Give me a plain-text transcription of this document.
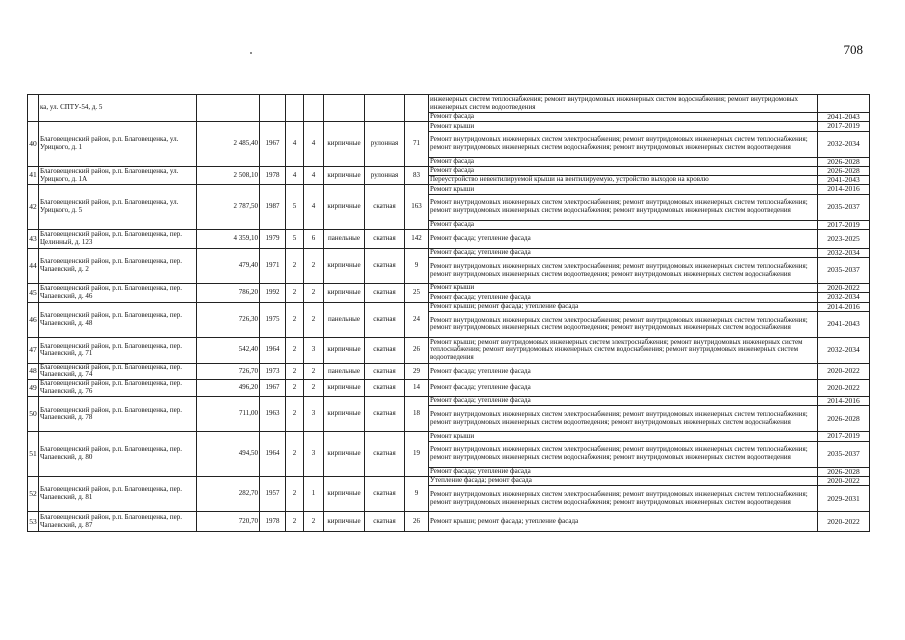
708
	ка, ул. СПТУ-54, д. 5								инженерных систем теплоснабжения; ремонт внутридомовых инженерных систем водоснабжения; ремонт внутридомовых инженерных систем водоотведения	
									Ремонт фасада	2041-2043
40	Благовещенский район, р.п. Благовещенка, ул. Урицкого, д. 1	2 485,40	1967	4	4	кирпичные	рулонная	71	Ремонт крыши	2017-2019
									Ремонт внутридомовых инженерных систем электроснабжения; ремонт внутридомовых инженерных систем теплоснабжения; ремонт внутридомовых инженерных систем водоснабжения; ремонт внутридомовых инженерных систем водоотведения	2032-2034
									Ремонт фасада	2026-2028
41	Благовещенский район, р.п. Благовещенка, ул. Урицкого, д. 1А	2 508,10	1978	4	4	кирпичные	рулонная	83	Ремонт фасада	2026-2028
									Переустройство невентилируемой крыши на вентилируемую, устройство выходов на кровлю	2041-2043
42	Благовещенский район, р.п. Благовещенка, ул. Урицкого, д. 5	2 787,50	1987	5	4	кирпичные	скатная	163	Ремонт крыши	2014-2016
									Ремонт внутридомовых инженерных систем электроснабжения; ремонт внутридомовых инженерных систем теплоснабжения; ремонт внутридомовых инженерных систем водоснабжения; ремонт внутридомовых инженерных систем водоотведения	2035-2037
									Ремонт фасада	2017-2019
43	Благовещенский район, р.п. Благовещенка, пер. Целинный, д. 123	4 359,10	1979	5	6	панельные	скатная	142	Ремонт фасада; утепление фасада	2023-2025
44	Благовещенский район, р.п. Благовещенка, пер. Чапаевский, д. 2	479,40	1971	2	2	кирпичные	скатная	9	Ремонт фасада; утепление фасада	2032-2034
									Ремонт внутридомовых инженерных систем электроснабжения; ремонт внутридомовых инженерных систем теплоснабжения; ремонт внутридомовых инженерных систем водоотведения; ремонт внутридомовых инженерных систем водоснабжения	2035-2037
45	Благовещенский район, р.п. Благовещенка, пер. Чапаевский, д. 46	786,20	1992	2	2	кирпичные	скатная	25	Ремонт крыши	2020-2022
									Ремонт фасада; утепление фасада	2032-2034
46	Благовещенский район, р.п. Благовещенка, пер. Чапаевский, д. 48	726,30	1975	2	2	панельные	скатная	24	Ремонт крыши; ремонт фасада; утепление фасада	2014-2016
									Ремонт внутридомовых инженерных систем электроснабжения; ремонт внутридомовых инженерных систем теплоснабжения; ремонт внутридомовых инженерных систем водоотведения; ремонт внутридомовых инженерных систем водоснабжения	2041-2043
47	Благовещенский район, р.п. Благовещенка, пер. Чапаевский, д. 71	542,40	1964	2	3	кирпичные	скатная	26	Ремонт крыши; ремонт внутридомовых инженерных систем электроснабжения; ремонт внутридомовых инженерных систем теплоснабжения; ремонт внутридомовых инженерных систем водоснабжения; ремонт внутридомовых инженерных систем водоотведения	2032-2034
48	Благовещенский район, р.п. Благовещенка, пер. Чапаевский, д. 74	726,70	1973	2	2	панельные	скатная	29	Ремонт фасада; утепление фасада	2020-2022
49	Благовещенский район, р.п. Благовещенка, пер. Чапаевский, д. 76	496,20	1967	2	2	кирпичные	скатная	14	Ремонт фасада; утепление фасада	2020-2022
50	Благовещенский район, р.п. Благовещенка, пер. Чапаевский, д. 78	711,00	1963	2	3	кирпичные	скатная	18	Ремонт фасада; утепление фасада	2014-2016
									Ремонт внутридомовых инженерных систем электроснабжения; ремонт внутридомовых инженерных систем теплоснабжения; ремонт внутридомовых инженерных систем водоотведения; ремонт внутридомовых инженерных систем водоснабжения	2026-2028
51	Благовещенский район, р.п. Благовещенка, пер. Чапаевский, д. 80	494,50	1964	2	3	кирпичные	скатная	19	Ремонт крыши	2017-2019
									Ремонт внутридомовых инженерных систем электроснабжения; ремонт внутридомовых инженерных систем теплоснабжения; ремонт внутридомовых инженерных систем водоснабжения; ремонт внутридомовых инженерных систем водоотведения	2035-2037
									Ремонт фасада; утепление фасада	2026-2028
52	Благовещенский район, р.п. Благовещенка, пер. Чапаевский, д. 81	282,70	1957	2	1	кирпичные	скатная	9	Утепление фасада; ремонт фасада	2020-2022
									Ремонт внутридомовых инженерных систем электроснабжения; ремонт внутридомовых инженерных систем теплоснабжения; ремонт внутридомовых инженерных систем водоснабжения; ремонт внутридомовых инженерных систем водоотведения	2029-2031
53	Благовещенский район, р.п. Благовещенка, пер. Чапаевский, д. 87	720,70	1978	2	2	кирпичные	скатная	26	Ремонт крыши; ремонт фасада; утепление фасада	2020-2022
